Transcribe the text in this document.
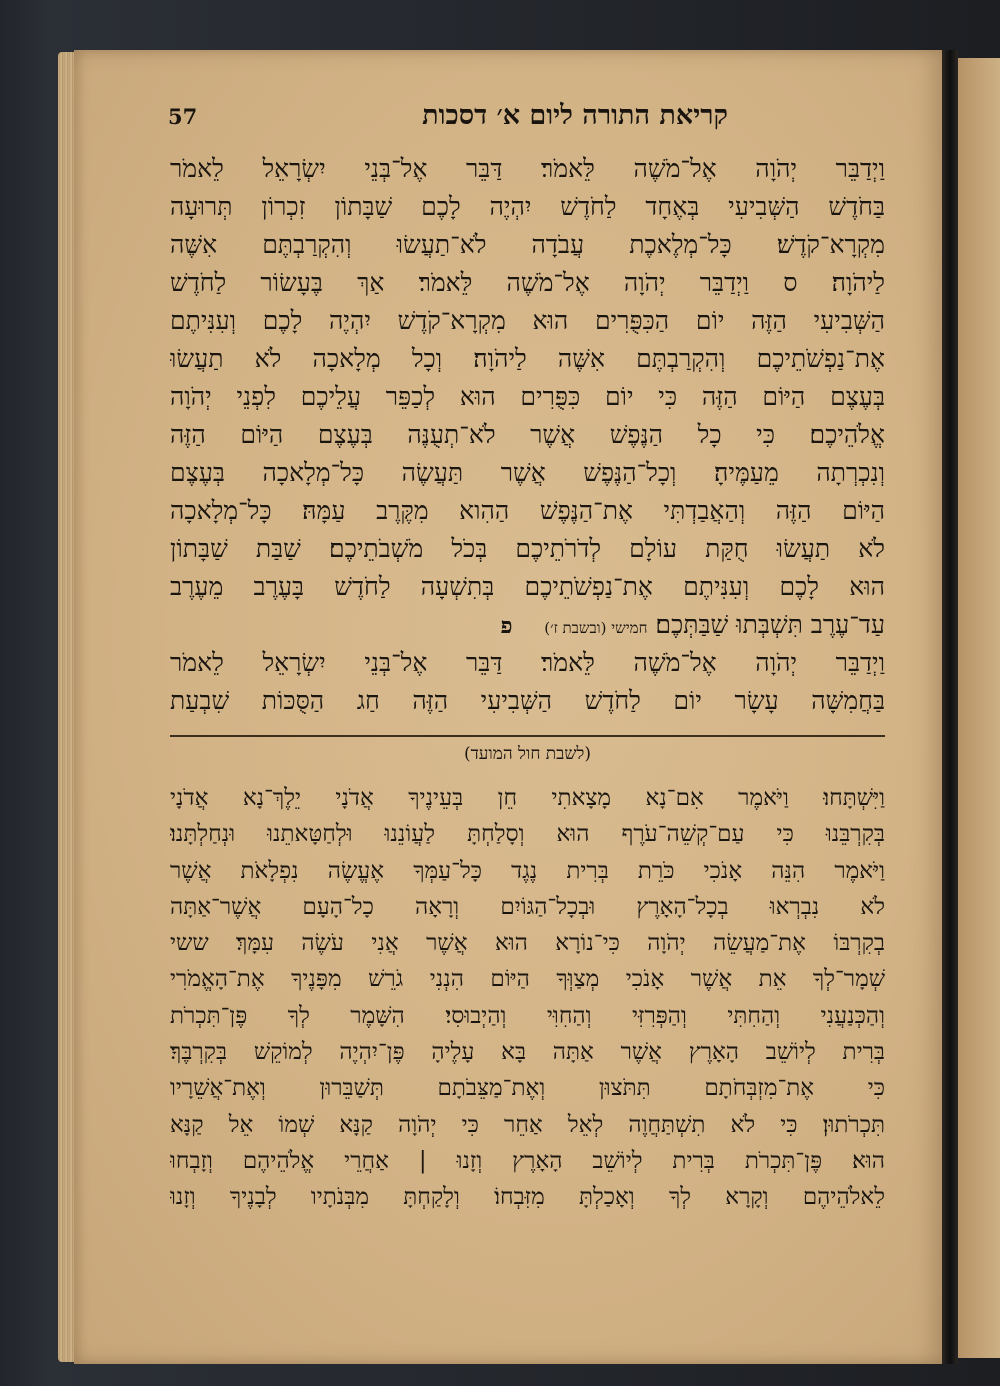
57	קריאת התורה ליום א׳ דסכות
וַיְדַבֵּר יְהֹוָה אֶל־מֹשֶׁה לֵּאמֹר׃ דַּבֵּר אֶל־בְּנֵי יִשְׂרָאֵל לֵאמֹר
בַּחֹדֶשׁ הַשְּׁבִיעִי בְּאֶחָד לַחֹדֶשׁ יִהְיֶה לָכֶם שַׁבָּתוֹן זִכְרוֹן תְּרוּעָה
מִקְרָא־קֹדֶשׁ׃ כָּל־מְלֶאכֶת עֲבֹדָה לֹא־תַעֲשׂוּ וְהִקְרַבְתֶּם אִשֶּׁה
לַיהֹוָה׃ ס וַיְדַבֵּר יְהֹוָה אֶל־מֹשֶׁה לֵּאמֹר׃ אַךְ בֶּעָשׂוֹר לַחֹדֶשׁ
הַשְּׁבִיעִי הַזֶּה יוֹם הַכִּפֻּרִים הוּא מִקְרָא־קֹדֶשׁ יִהְיֶה לָכֶם וְעִנִּיתֶם
אֶת־נַפְשֹׁתֵיכֶם וְהִקְרַבְתֶּם אִשֶּׁה לַיהֹוָה׃ וְכָל מְלָאכָה לֹא תַעֲשׂוּ
בְּעֶצֶם הַיּוֹם הַזֶּה כִּי יוֹם כִּפֻּרִים הוּא לְכַפֵּר עֲלֵיכֶם לִפְנֵי יְהֹוָה
אֱלֹהֵיכֶם׃ כִּי כָל הַנֶּפֶשׁ אֲשֶׁר לֹא־תְעֻנֶּה בְּעֶצֶם הַיּוֹם הַזֶּה
וְנִכְרְתָה מֵעַמֶּיהָ׃ וְכָל־הַנֶּפֶשׁ אֲשֶׁר תַּעֲשֶׂה כָּל־מְלָאכָה בְּעֶצֶם
הַיּוֹם הַזֶּה וְהַאֲבַדְתִּי אֶת־הַנֶּפֶשׁ הַהִוא מִקֶּרֶב עַמָּהּ׃ כָּל־מְלָאכָה
לֹא תַעֲשׂוּ חֻקַּת עוֹלָם לְדֹרֹתֵיכֶם בְּכֹל מֹשְׁבֹתֵיכֶם׃ שַׁבַּת שַׁבָּתוֹן
הוּא לָכֶם וְעִנִּיתֶם אֶת־נַפְשֹׁתֵיכֶם בְּתִשְׁעָה לַחֹדֶשׁ בָּעֶרֶב מֵעֶרֶב
עַד־עֶרֶב תִּשְׁבְּתוּ שַׁבַּתְּכֶם׃ חמישי (ובשבת ז׳)    פ
וַיְדַבֵּר יְהֹוָה אֶל־מֹשֶׁה לֵּאמֹר׃ דַּבֵּר אֶל־בְּנֵי יִשְׂרָאֵל לֵאמֹר
בַּחֲמִשָּׁה עָשָׂר יוֹם לַחֹדֶשׁ הַשְּׁבִיעִי הַזֶּה חַג הַסֻּכּוֹת שִׁבְעַת
(לשבת חול המועד)
וַיִּשְׁתָּחוּ׃ וַיֹּאמֶר אִם־נָא מָצָאתִי חֵן בְּעֵינֶיךָ אֲדֹנָי יֵלֶךְ־נָא אֲדֹנָי
בְּקִרְבֵּנוּ כִּי עַם־קְשֵׁה־עֹרֶף הוּא וְסָלַחְתָּ לַעֲוֹנֵנוּ וּלְחַטָּאתֵנוּ וּנְחַלְתָּנוּ׃
וַיֹּאמֶר הִנֵּה אָנֹכִי כֹּרֵת בְּרִית נֶגֶד כָּל־עַמְּךָ אֶעֱשֶׂה נִפְלָאֹת אֲשֶׁר
לֹא נִבְרְאוּ בְכָל־הָאָרֶץ וּבְכָל־הַגּוֹיִם וְרָאָה כָל־הָעָם אֲשֶׁר־אַתָּה
בְקִרְבּוֹ אֶת־מַעֲשֵׂה יְהֹוָה כִּי־נוֹרָא הוּא אֲשֶׁר אֲנִי עֹשֶׂה עִמָּךְ׃ ששי
שְׁמָר־לְךָ אֵת אֲשֶׁר אָנֹכִי מְצַוְּךָ הַיּוֹם הִנְנִי גֹרֵשׁ מִפָּנֶיךָ אֶת־הָאֱמֹרִי
וְהַכְּנַעֲנִי וְהַחִתִּי וְהַפְּרִזִּי וְהַחִוִּי וְהַיְבוּסִי׃ הִשָּׁמֶר לְךָ פֶּן־תִּכְרֹת
בְּרִית לְיוֹשֵׁב הָאָרֶץ אֲשֶׁר אַתָּה בָּא עָלֶיהָ פֶּן־יִהְיֶה לְמוֹקֵשׁ בְּקִרְבֶּךָ׃
כִּי אֶת־מִזְבְּחֹתָם תִּתֹּצוּן וְאֶת־מַצֵּבֹתָם תְּשַׁבֵּרוּן וְאֶת־אֲשֵׁרָיו
תִּכְרֹתוּן׃ כִּי לֹא תִשְׁתַּחֲוֶה לְאֵל אַחֵר כִּי יְהֹוָה קַנָּא שְׁמוֹ אֵל קַנָּא
הוּא׃ פֶּן־תִּכְרֹת בְּרִית לְיוֹשֵׁב הָאָרֶץ וְזָנוּ | אַחֲרֵי אֱלֹהֵיהֶם וְזָבְחוּ
לֵאלֹהֵיהֶם וְקָרָא לְךָ וְאָכַלְתָּ מִזִּבְחוֹ׃ וְלָקַחְתָּ מִבְּנֹתָיו לְבָנֶיךָ וְזָנוּ
